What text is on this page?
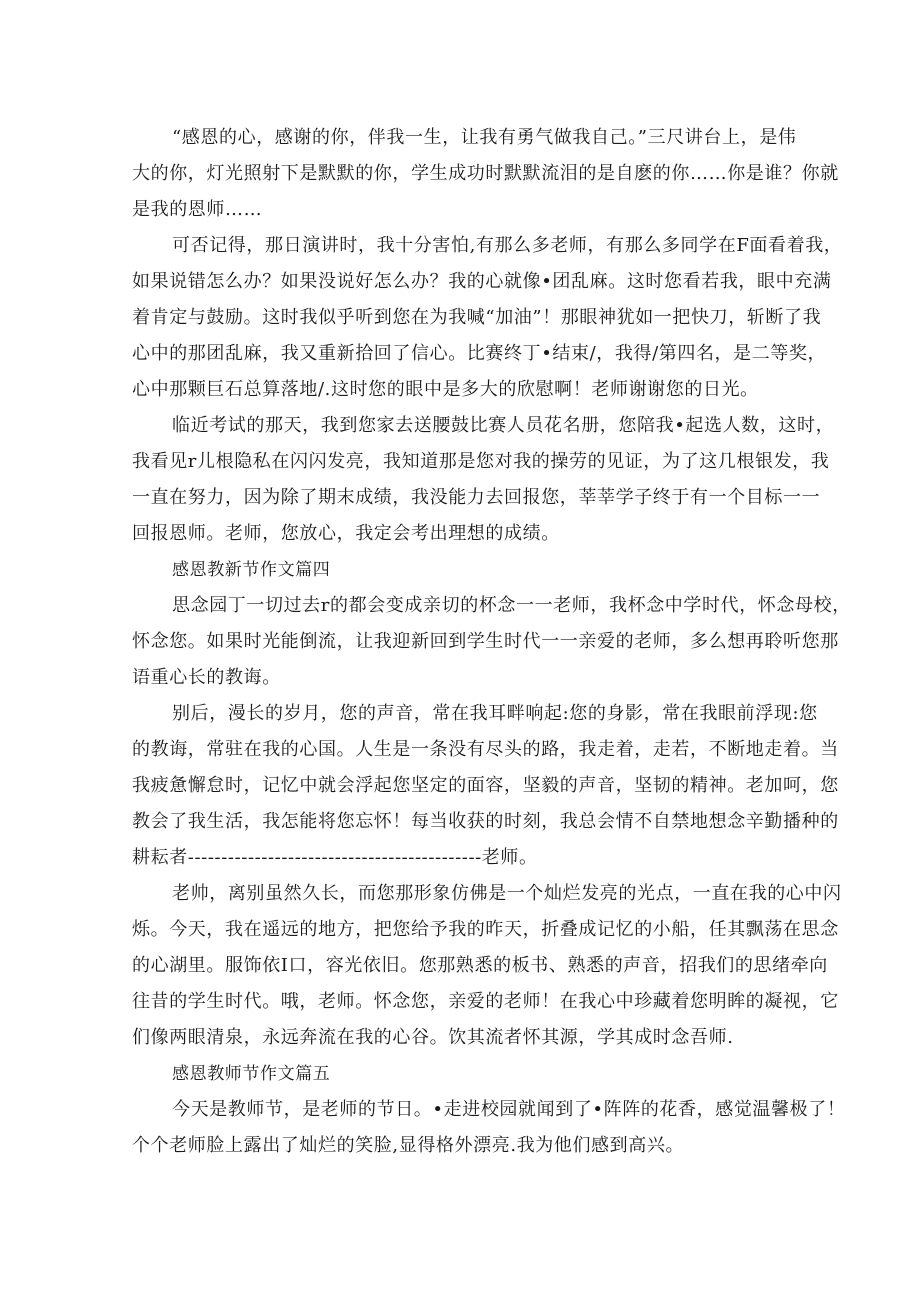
“感恩的心，感谢的你，伴我一生，让我有勇气做我自己。”三尺讲台上，是伟
大的你，灯光照射下是默默的你，学生成功时默默流泪的是自麽的你……你是谁？你就
是我的恩师……
可否记得，那日演讲时，我十分害怕,有那么多老师，有那么多同学在F面看着我，
如果说错怎么办？如果没说好怎么办？我的心就像•团乱麻。这时您看若我，眼中充满
着肯定与鼓励。这时我似乎听到您在为我喊“加油”！那眼神犹如一把快刀，斩断了我
心中的那团乱麻，我又重新拾回了信心。比赛终丁•结束/，我得/第四名，是二等奖，
心中那颗巨石总算落地/.这时您的眼中是多大的欣慰啊！老师谢谢您的日光。
临近考试的那天，我到您家去送腰鼓比赛人员花名册，您陪我•起选人数，这时，
我看见r儿根隐私在闪闪发亮，我知道那是您对我的操劳的见证，为了这几根银发，我
一直在努力，因为除了期末成绩，我没能力去回报您，莘莘学子终于有一个目标一一
回报恩师。老师，您放心，我定会考出理想的成绩。
感恩教新节作文篇四
思念园丁一切过去r的都会变成亲切的杯念一一老师，我杯念中学时代，怀念母校，
怀念您。如果时光能倒流，让我迎新回到学生时代一一亲爱的老师，多么想再聆听您那
语重心长的教诲。
别后，漫长的岁月，您的声音，常在我耳畔响起:您的身影，常在我眼前浮现:您
的教诲，常驻在我的心国。人生是一条没有尽头的路，我走着，走若，不断地走着。当
我疲惫懈怠时，记忆中就会浮起您坚定的面容，坚毅的声音，坚韧的精神。老加呵，您
教会了我生活，我怎能将您忘怀！每当收获的时刻，我总会情不自禁地想念辛勤播种的
耕耘者--------------------------------------------老师。
老帅，离别虽然久长，而您那形象仿佛是一个灿烂发亮的光点，一直在我的心中闪
烁。今天，我在遥远的地方，把您给予我的昨天，折叠成记忆的小船，任其飘荡在思念
的心湖里。服饰依I口，容光依旧。您那熟悉的板书、熟悉的声音，招我们的思绪牵向
往昔的学生时代。哦，老师。怀念您，亲爱的老师！在我心中珍藏着您明眸的凝视，它
们像两眼清泉，永远奔流在我的心谷。饮其流者怀其源，学其成时念吾师.
感恩教师节作文篇五
今天是教师节，是老师的节日。•走进校园就闻到了•阵阵的花香，感觉温馨极了！
个个老师脸上露出了灿烂的笑脸,显得格外漂亮.我为他们感到高兴。
